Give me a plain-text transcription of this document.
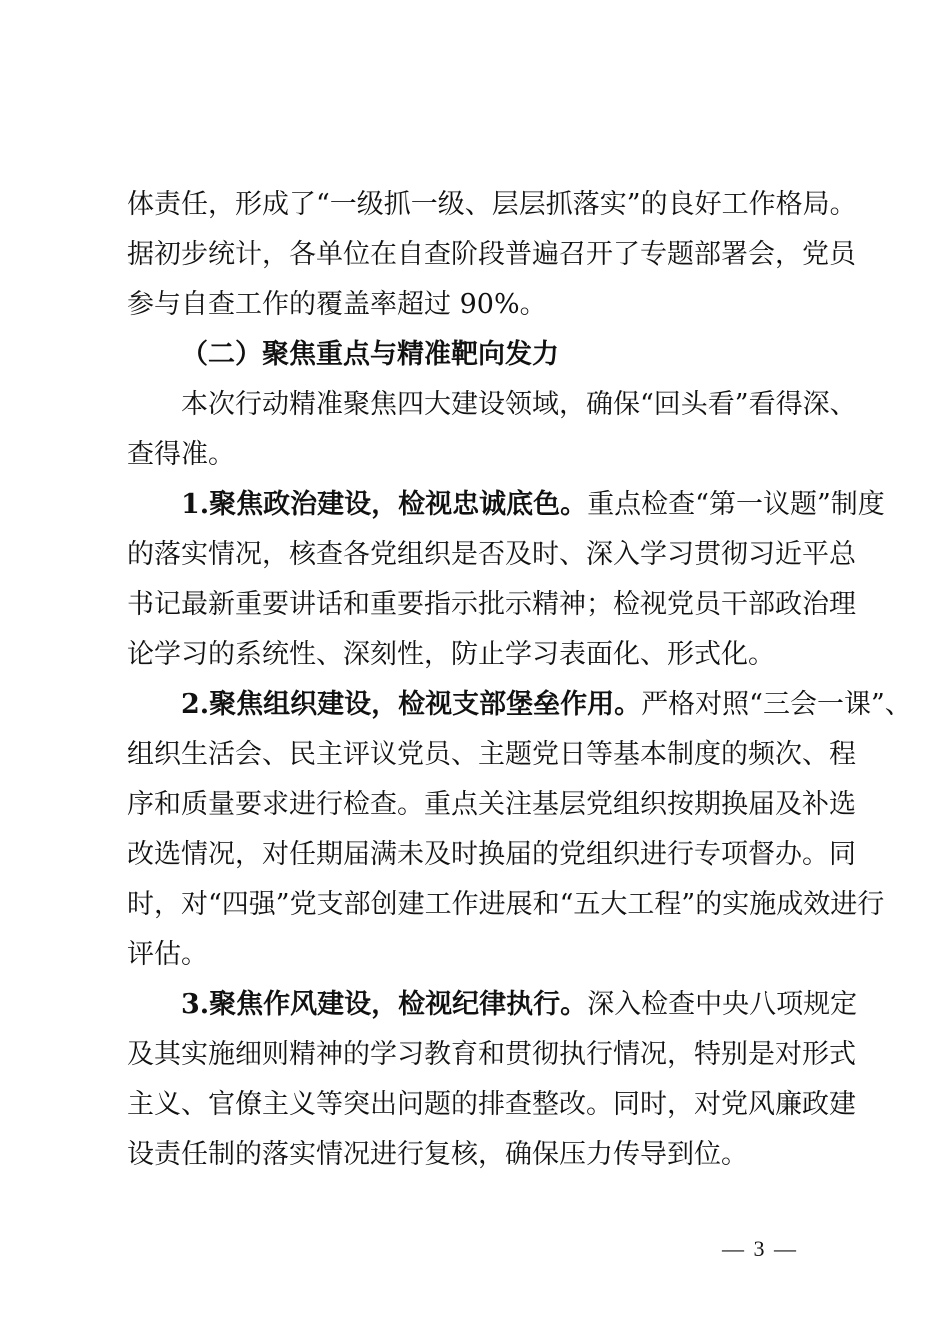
体责任，形成了“一级抓一级、层层抓落实”的良好工作格局。
据初步统计，各单位在自查阶段普遍召开了专题部署会，党员
参与自查工作的覆盖率超过 90%。
（二）聚焦重点与精准靶向发力
本次行动精准聚焦四大建设领域，确保“回头看”看得深、
查得准。
1.聚焦政治建设，检视忠诚底色。重点检查“第一议题”制度
的落实情况，核查各党组织是否及时、深入学习贯彻习近平总
书记最新重要讲话和重要指示批示精神；检视党员干部政治理
论学习的系统性、深刻性，防止学习表面化、形式化。
2.聚焦组织建设，检视支部堡垒作用。严格对照“三会一课”、
组织生活会、民主评议党员、主题党日等基本制度的频次、程
序和质量要求进行检查。重点关注基层党组织按期换届及补选
改选情况，对任期届满未及时换届的党组织进行专项督办。同
时，对“四强”党支部创建工作进展和“五大工程”的实施成效进行
评估。
3.聚焦作风建设，检视纪律执行。深入检查中央八项规定
及其实施细则精神的学习教育和贯彻执行情况，特别是对形式
主义、官僚主义等突出问题的排查整改。同时，对党风廉政建
设责任制的落实情况进行复核，确保压力传导到位。
— 3 —
